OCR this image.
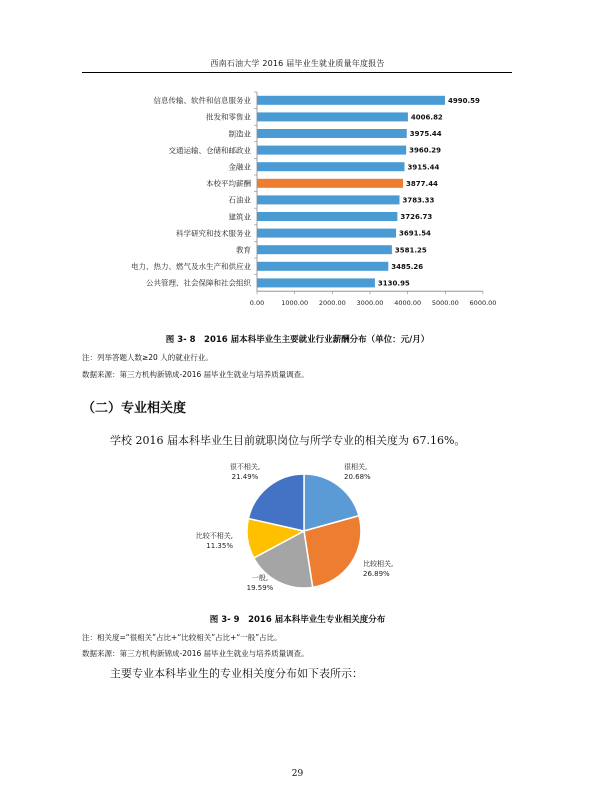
西南石油大学 2016 届毕业生就业质量年度报告
信息传输、软件和信息服务业	4990.59
批发和零售业	4006.82
制造业	3975.44
交通运输、仓储和邮政业	3960.29
金融业	3915.44
本校平均薪酬	3877.44
石油业	3783.33
建筑业	3726.73
科学研究和技术服务业	3691.54
教育	3581.25
电力、热力、燃气及水生产和供应业	3485.26
公共管理、社会保障和社会组织	3130.95
0.00	1000.00 2000.00 3000.00 4000.00 5000.00 6000.00
图 3- 8　2016 届本科毕业生主要就业行业薪酬分布（单位：元/月）
注：列举答题人数≥20 人的就业行业。
数据来源：第三方机构新锦成-2016 届毕业生就业与培养质量调查。
（二）专业相关度
学校 2016 届本科毕业生目前就职岗位与所学专业的相关度为 67.16%。
很相关,
20.68%
比较相关,
26.89%
一般,
19.59%
比较不相关,
11.35%
很不相关,
21.49%
图 3- 9　2016 届本科毕业生专业相关度分布
注：相关度=“很相关”占比+“比较相关”占比+“一般”占比。
数据来源：第三方机构新锦成-2016 届毕业生就业与培养质量调查。
主要专业本科毕业生的专业相关度分布如下表所示：
29
